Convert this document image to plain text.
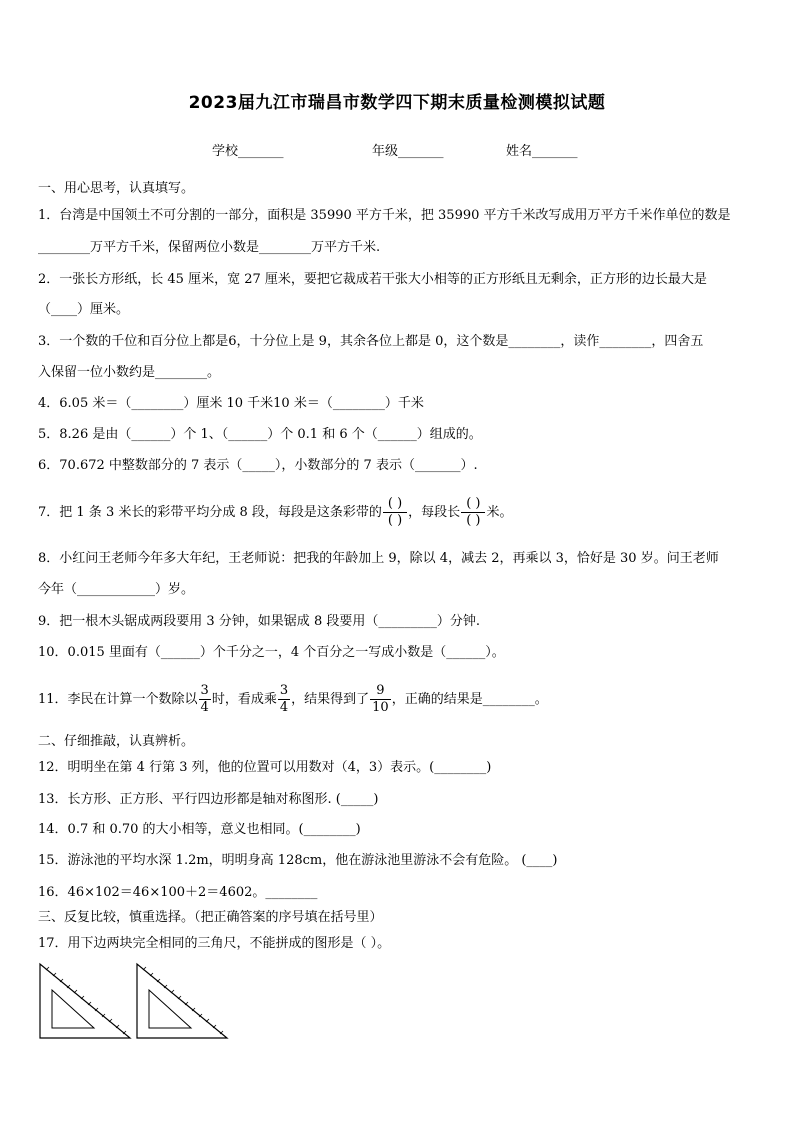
2023届九江市瑞昌市数学四下期末质量检测模拟试题
学校_______	年级_______	姓名_______
一、用心思考，认真填写。
1．台湾是中国领土不可分割的一部分，面积是 35990 平方千米，把 35990 平方千米改写成用万平方千米作单位的数是
________万平方千米，保留两位小数是________万平方千米.
2．一张长方形纸，长 45 厘米，宽 27 厘米，要把它裁成若干张大小相等的正方形纸且无剩余，正方形的边长最大是
（____）厘米。
3．一个数的千位和百分位上都是6，十分位上是 9，其余各位上都是 0，这个数是________，读作________，四舍五
入保留一位小数约是________。
4．6.05 米＝（________）厘米 10 千米10 米＝（________）千米
5．8.26 是由（______）个 1、（______）个 0.1 和 6 个（______）组成的。
6．70.672 中整数部分的 7 表示（_____），小数部分的 7 表示（_______）.
7．把 1 条 3 米长的彩带平均分成 8 段，每段是这条彩带的 $\frac{( )}{( )}$ ，每段长 $\frac{( )}{( )}$ 米。
8．小红问王老师今年多大年纪，王老师说：把我的年龄加上 9，除以 4，减去 2，再乘以 3，恰好是 30 岁。问王老师
今年（____________）岁。
9．把一根木头锯成两段要用 3 分钟，如果锯成 8 段要用（_________）分钟.
10．0.015 里面有（______）个千分之一，4 个百分之一写成小数是（______）。
11．李民在计算一个数除以 $\frac{3}{4}$ 时，看成乘 $\frac{3}{4}$ ，结果得到了 $\frac{9}{10}$ ，正确的结果是________。
二、仔细推敲，认真辨析。
12．明明坐在第 4 行第 3 列，他的位置可以用数对（4，3）表示。(________)
13．长方形、正方形、平行四边形都是轴对称图形. (_____)
14．0.7 和 0.70 的大小相等，意义也相同。(________)
15．游泳池的平均水深 1.2m，明明身高 128cm，他在游泳池里游泳不会有危险。 (____)
16．46×102＝46×100＋2＝4602。________
三、反复比较，慎重选择。（把正确答案的序号填在括号里）
17．用下边两块完全相同的三角尺，不能拼成的图形是（ ）。
